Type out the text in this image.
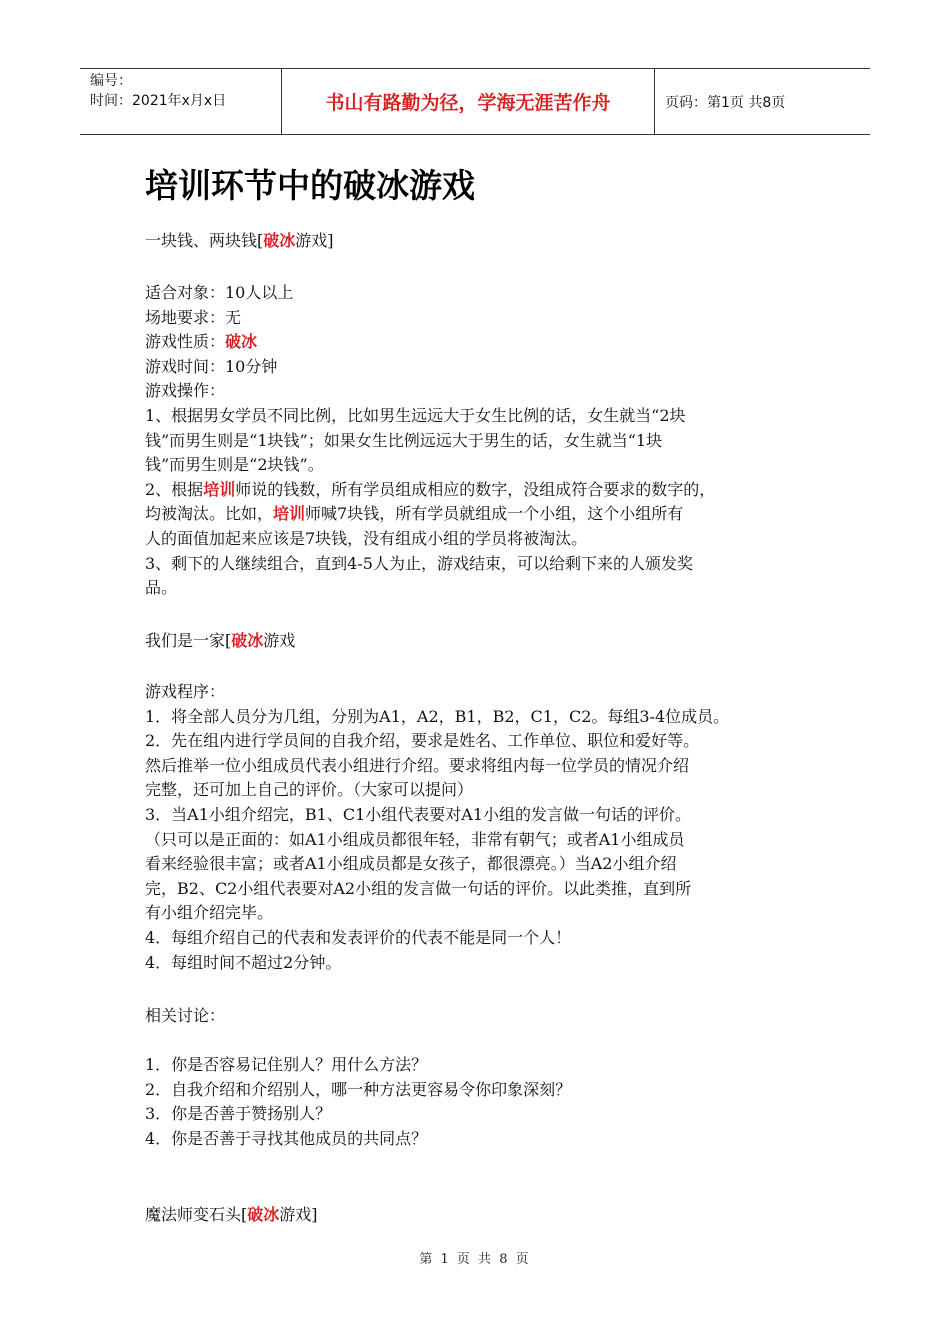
编号：
时间：2021年x月x日	书山有路勤为径，学海无涯苦作舟	页码：第1页 共8页
培训环节中的破冰游戏
一块钱、两块钱[破冰游戏]
适合对象：10人以上
场地要求：无
游戏性质：破冰
游戏时间：10分钟
游戏操作：
1、根据男女学员不同比例，比如男生远远大于女生比例的话，女生就当“2块
钱”而男生则是“1块钱”；如果女生比例远远大于男生的话，女生就当“1块
钱”而男生则是“2块钱”。
2、根据培训师说的钱数，所有学员组成相应的数字，没组成符合要求的数字的，
均被淘汰。比如，培训师喊7块钱，所有学员就组成一个小组，这个小组所有
人的面值加起来应该是7块钱，没有组成小组的学员将被淘汰。
3、剩下的人继续组合，直到4-5人为止，游戏结束，可以给剩下来的人颁发奖
品。
我们是一家[破冰游戏
游戏程序：
1．将全部人员分为几组，分别为A1，A2，B1，B2，C1，C2。每组3-4位成员。
2．先在组内进行学员间的自我介绍，要求是姓名、工作单位、职位和爱好等。
然后推举一位小组成员代表小组进行介绍。要求将组内每一位学员的情况介绍
完整，还可加上自己的评价。（大家可以提问）
3．当A1小组介绍完，B1、C1小组代表要对A1小组的发言做一句话的评价。
（只可以是正面的：如A1小组成员都很年轻，非常有朝气；或者A1小组成员
看来经验很丰富；或者A1小组成员都是女孩子，都很漂亮。）当A2小组介绍
完，B2、C2小组代表要对A2小组的发言做一句话的评价。以此类推，直到所
有小组介绍完毕。
4．每组介绍自己的代表和发表评价的代表不能是同一个人！
4．每组时间不超过2分钟。
相关讨论：
1．你是否容易记住别人？用什么方法？
2．自我介绍和介绍别人，哪一种方法更容易令你印象深刻？
3．你是否善于赞扬别人？
4．你是否善于寻找其他成员的共同点？
魔法师变石头[破冰游戏]
第 1 页 共 8 页
